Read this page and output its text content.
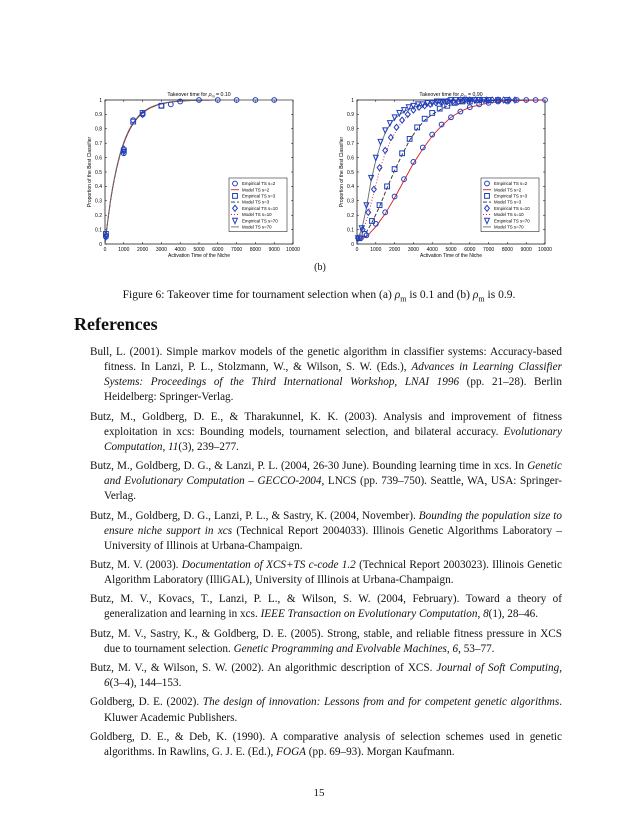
0 1000 2000 3000 4000 5000 6000 7000 8000 9000 10000
0
0.1
0.2
0.3
0.4
0.5
0.6
0.7
0.8
0.9
1
Activation Time of the Niche
Proportion of the Best Classifier
Takeover time for $\rho_m = 0.10$
Empirical TS s=2
Model TS s=2
Empirical TS s=3
Model TS s=3
Empirical TS s=10
Model TS s=10
Empirical TS s=70
Model TS s=70
0 1000 2000 3000 4000 5000 6000 7000 8000 9000 10000
0
0.1
0.2
0.3
0.4
0.5
0.6
0.7
0.8
0.9
1
Activation Time of the Niche
Proportion of the Best Classifier
Takeover time for $\rho_m = 0.90$
Empirical TS s=2
Model TS s=2
Empirical TS s=3
Model TS s=3
Empirical TS s=10
Model TS s=10
Empirical TS s=70
Model TS s=70
(b)
Figure 6: Takeover time for tournament selection when (a) $\rho_m$ is 0.1 and (b) $\rho_m$ is 0.9.
References
Bull, L. (2001). Simple markov models of the genetic algorithm in classifier systems: Accuracy-based fitness. In Lanzi, P. L., Stolzmann, W., & Wilson, S. W. (Eds.), Advances in Learning Classifier Systems: Proceedings of the Third International Workshop, LNAI 1996 (pp. 21–28). Berlin Heidelberg: Springer-Verlag.
Butz, M., Goldberg, D. E., & Tharakunnel, K. K. (2003). Analysis and improvement of fitness exploitation in xcs: Bounding models, tournament selection, and bilateral accuracy. Evolutionary Computation, 11(3), 239–277.
Butz, M., Goldberg, D. G., & Lanzi, P. L. (2004, 26-30 June). Bounding learning time in xcs. In Genetic and Evolutionary Computation – GECCO-2004, LNCS (pp. 739–750). Seattle, WA, USA: Springer-Verlag.
Butz, M., Goldberg, D. G., Lanzi, P. L., & Sastry, K. (2004, November). Bounding the population size to ensure niche support in xcs (Technical Report 2004033). Illinois Genetic Algorithms Laboratory – University of Illinois at Urbana-Champaign.
Butz, M. V. (2003). Documentation of XCS+TS c-code 1.2 (Technical Report 2003023). Illinois Genetic Algorithm Laboratory (IlliGAL), University of Illinois at Urbana-Champaign.
Butz, M. V., Kovacs, T., Lanzi, P. L., & Wilson, S. W. (2004, February). Toward a theory of generalization and learning in xcs. IEEE Transaction on Evolutionary Computation, 8(1), 28–46.
Butz, M. V., Sastry, K., & Goldberg, D. E. (2005). Strong, stable, and reliable fitness pressure in XCS due to tournament selection. Genetic Programming and Evolvable Machines, 6, 53–77.
Butz, M. V., & Wilson, S. W. (2002). An algorithmic description of XCS. Journal of Soft Computing, 6(3–4), 144–153.
Goldberg, D. E. (2002). The design of innovation: Lessons from and for competent genetic algorithms. Kluwer Academic Publishers.
Goldberg, D. E., & Deb, K. (1990). A comparative analysis of selection schemes used in genetic algorithms. In Rawlins, G. J. E. (Ed.), FOGA (pp. 69–93). Morgan Kaufmann.
15
